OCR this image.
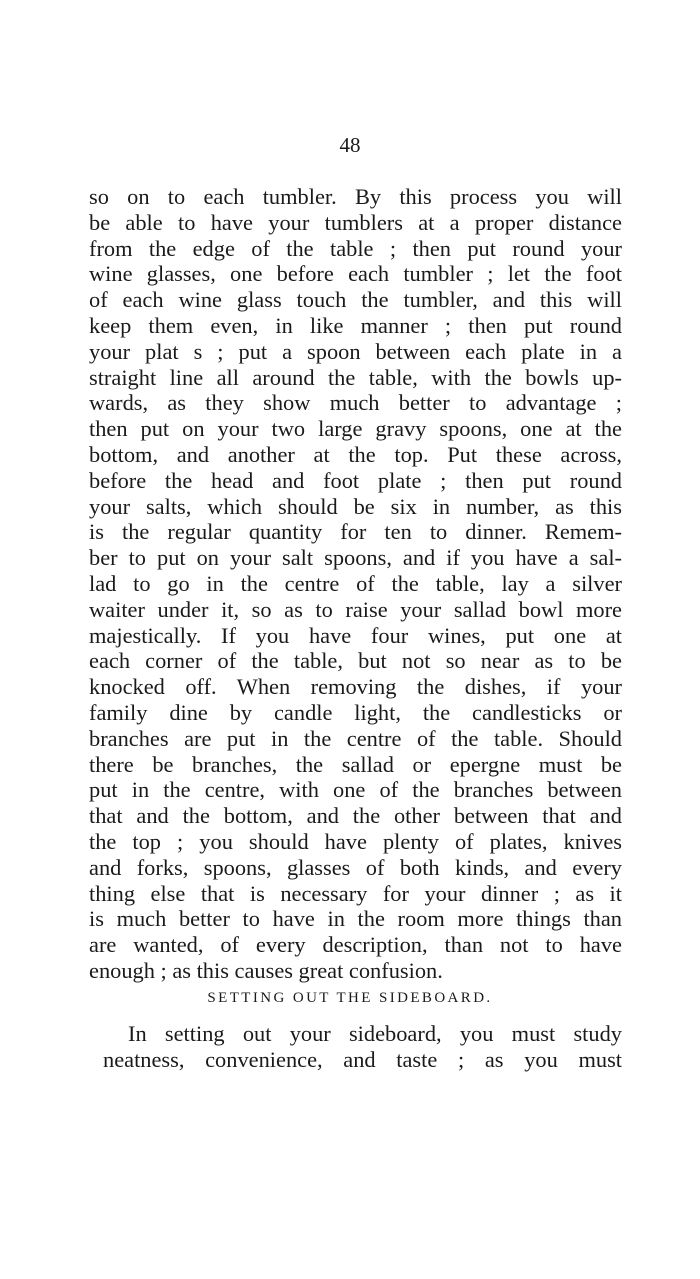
48
so on to each tumbler. By this process you will
be able to have your tumblers at a proper distance
from the edge of the table ; then put round your
wine glasses, one before each tumbler ; let the foot
of each wine glass touch the tumbler, and this will
keep them even, in like manner ; then put round
your plat s ; put a spoon between each plate in a
straight line all around the table, with the bowls up-
wards, as they show much better to advantage ;
then put on your two large gravy spoons, one at the
bottom, and another at the top. Put these across,
before the head and foot plate ; then put round
your salts, which should be six in number, as this
is the regular quantity for ten to dinner. Remem-
ber to put on your salt spoons, and if you have a sal-
lad to go in the centre of the table, lay a silver
waiter under it, so as to raise your sallad bowl more
majestically. If you have four wines, put one at
each corner of the table, but not so near as to be
knocked off. When removing the dishes, if your
family dine by candle light, the candlesticks or
branches are put in the centre of the table. Should
there be branches, the sallad or epergne must be
put in the centre, with one of the branches between
that and the bottom, and the other between that and
the top ; you should have plenty of plates, knives
and forks, spoons, glasses of both kinds, and every
thing else that is necessary for your dinner ; as it
is much better to have in the room more things than
are wanted, of every description, than not to have
enough ; as this causes great confusion.
SETTING OUT THE SIDEBOARD.
In setting out your sideboard, you must study
neatness, convenience, and taste ; as you must
